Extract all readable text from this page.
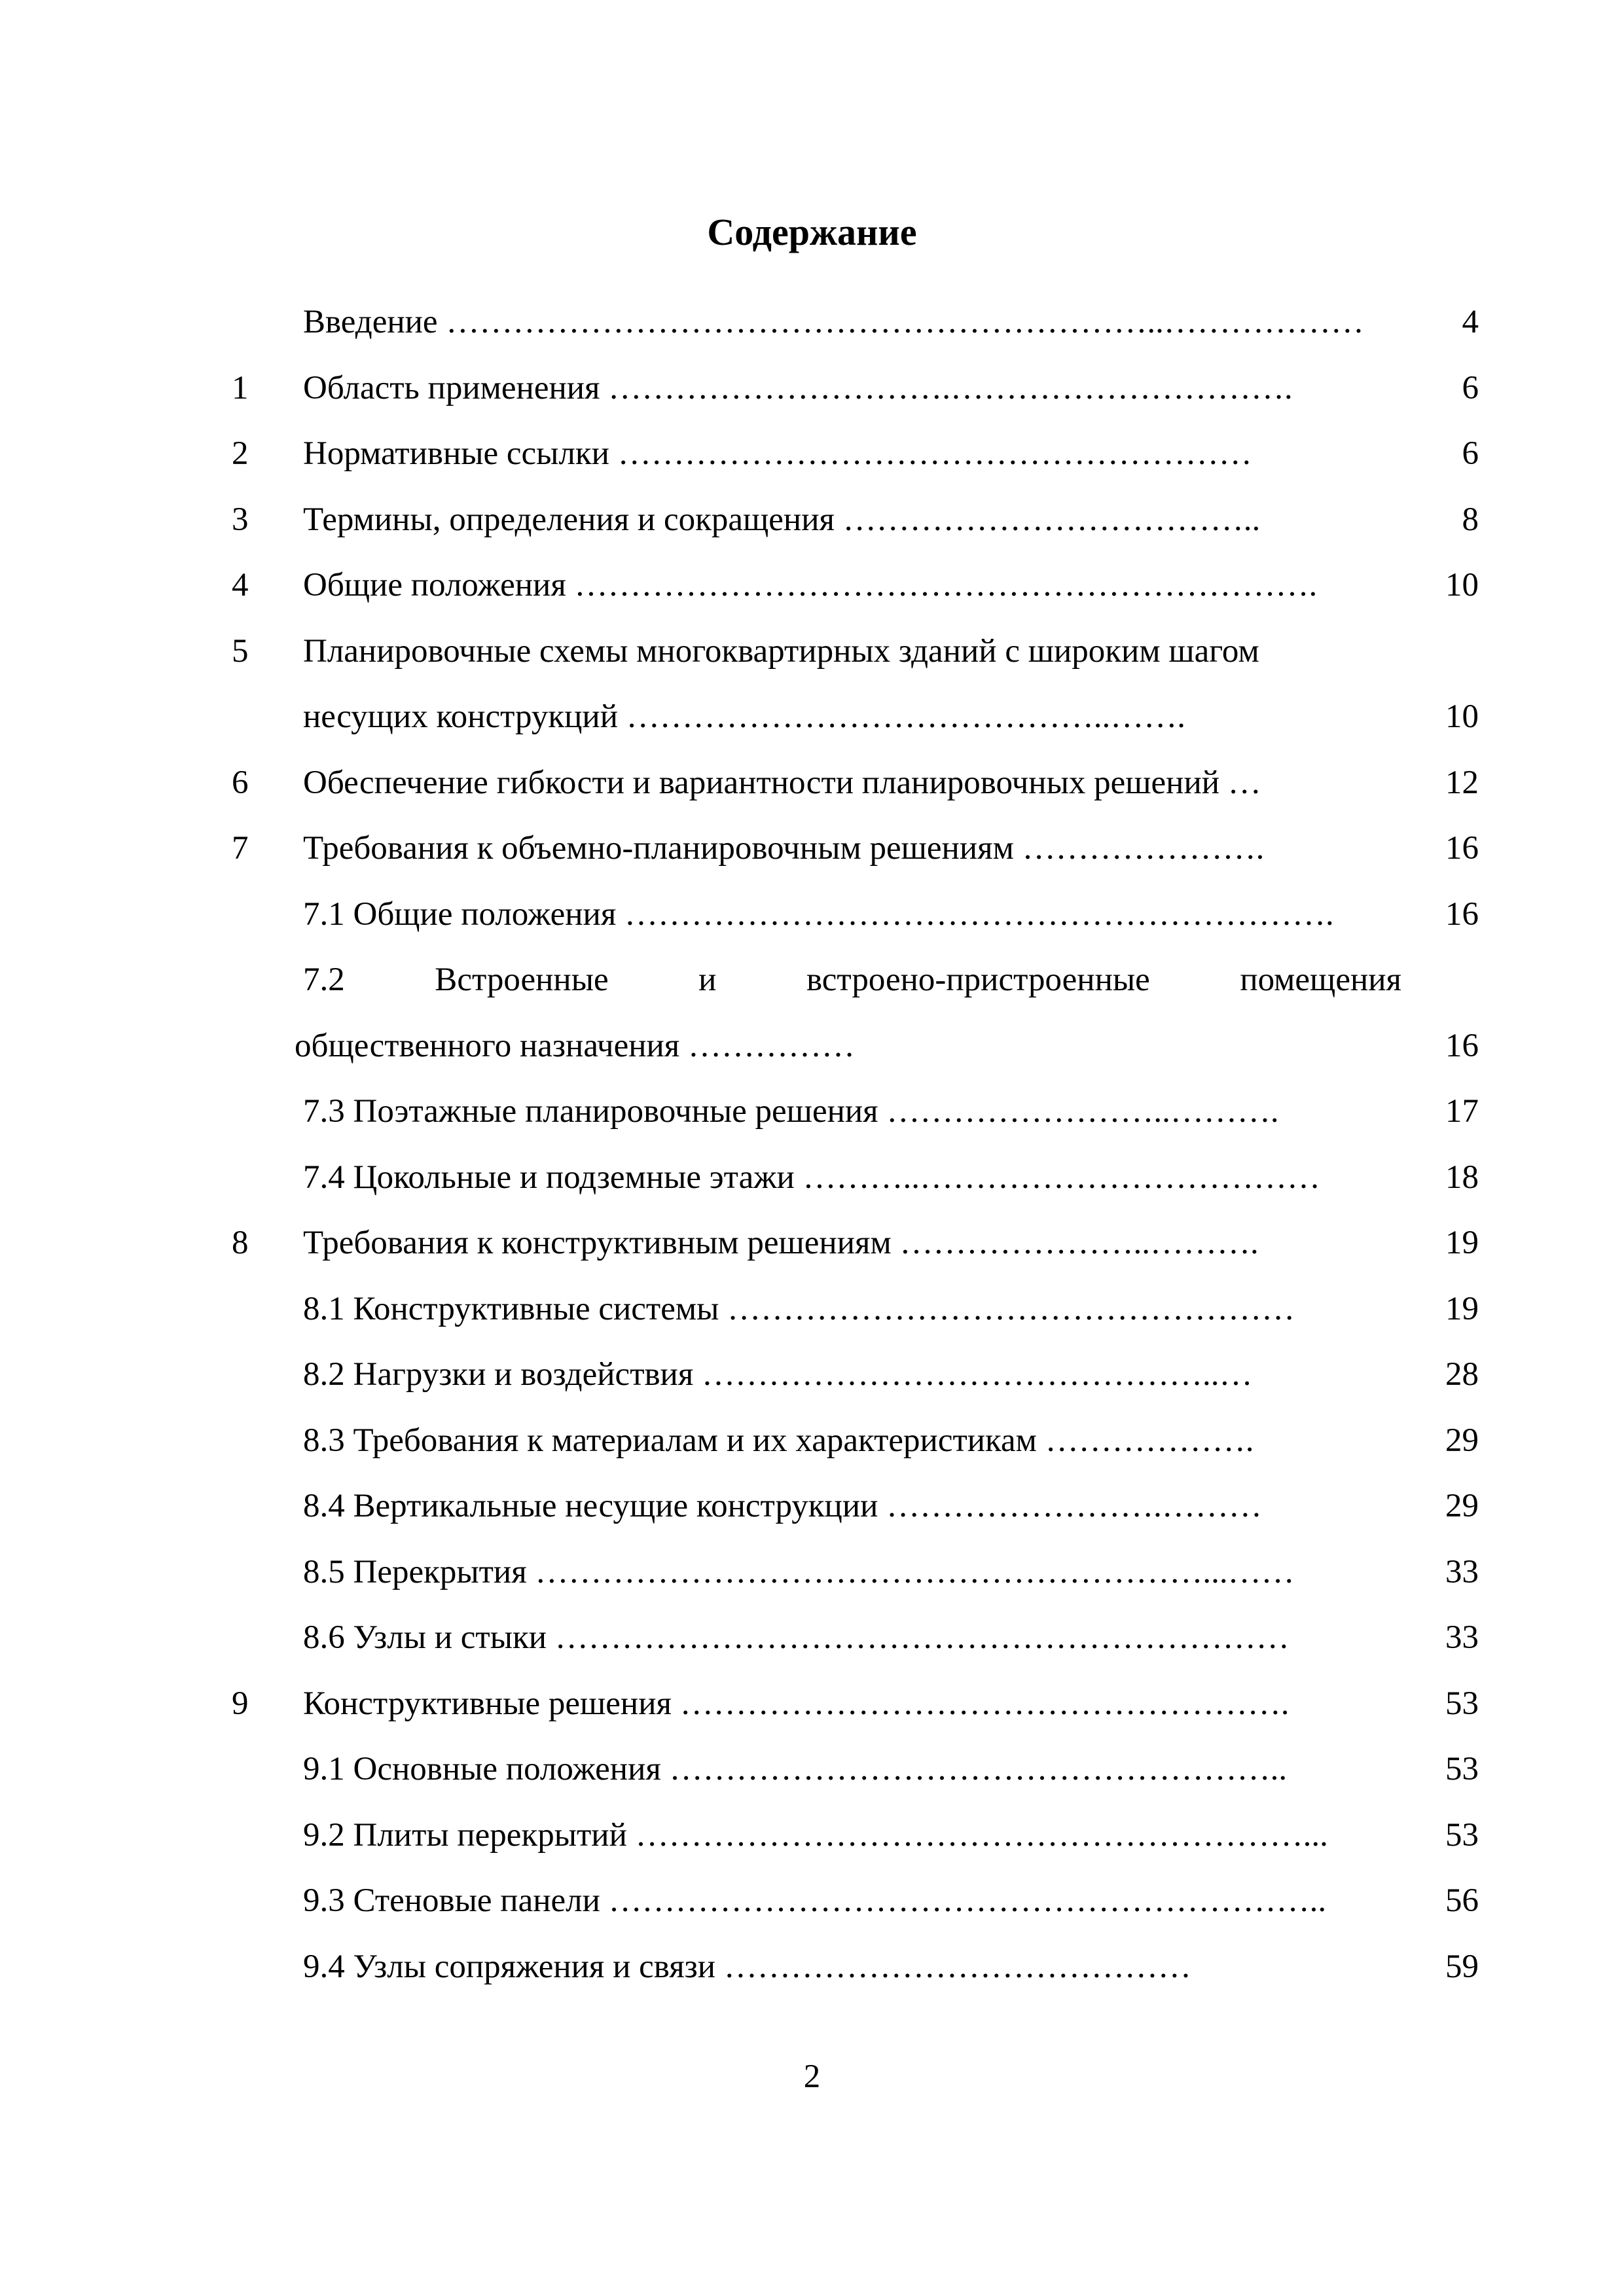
Содержание
Введение ………………………………………………………..………………	4
1 Область применения ………………………….………………………….	6
2 Нормативные ссылки …………………………………………………	6
3 Термины, определения и сокращения ………………………………..	8
4 Общие положения ………………………………………………………….	10
5 Планировочные схемы многоквартирных зданий с широким шагом
несущих конструкций ……………………………………..…….	10
6 Обеспечение гибкости и вариантности планировочных решений …	12
7 Требования к объемно-планировочным решениям ………………….	16
7.1 Общие положения ……………………………………………………….	16
7.2 Встроенные и встроено-пристроенные помещения
общественного назначения ……………	16
7.3 Поэтажные планировочные решения ……………………..……….	17
7.4 Цокольные и подземные этажи ………..………………………………	18
8 Требования к конструктивным решениям …………………..……….	19
8.1 Конструктивные системы ……………………………………………	19
8.2 Нагрузки и воздействия ………………………………………..…	28
8.3 Требования к материалам и их характеристикам ……………….	29
8.4 Вертикальные несущие конструкции …………………….………	29
8.5 Перекрытия ……………………………………………………...……	33
8.6 Узлы и стыки …………………………………………………………	33
9 Конструктивные решения ……………………………………………….	53
9.1 Основные положения ………………………………………………..	53
9.2 Плиты перекрытий ……………………………………………………...	53
9.3 Стеновые панели ………………………………………………………..	56
9.4 Узлы сопряжения и связи ……………………………………	59
2
